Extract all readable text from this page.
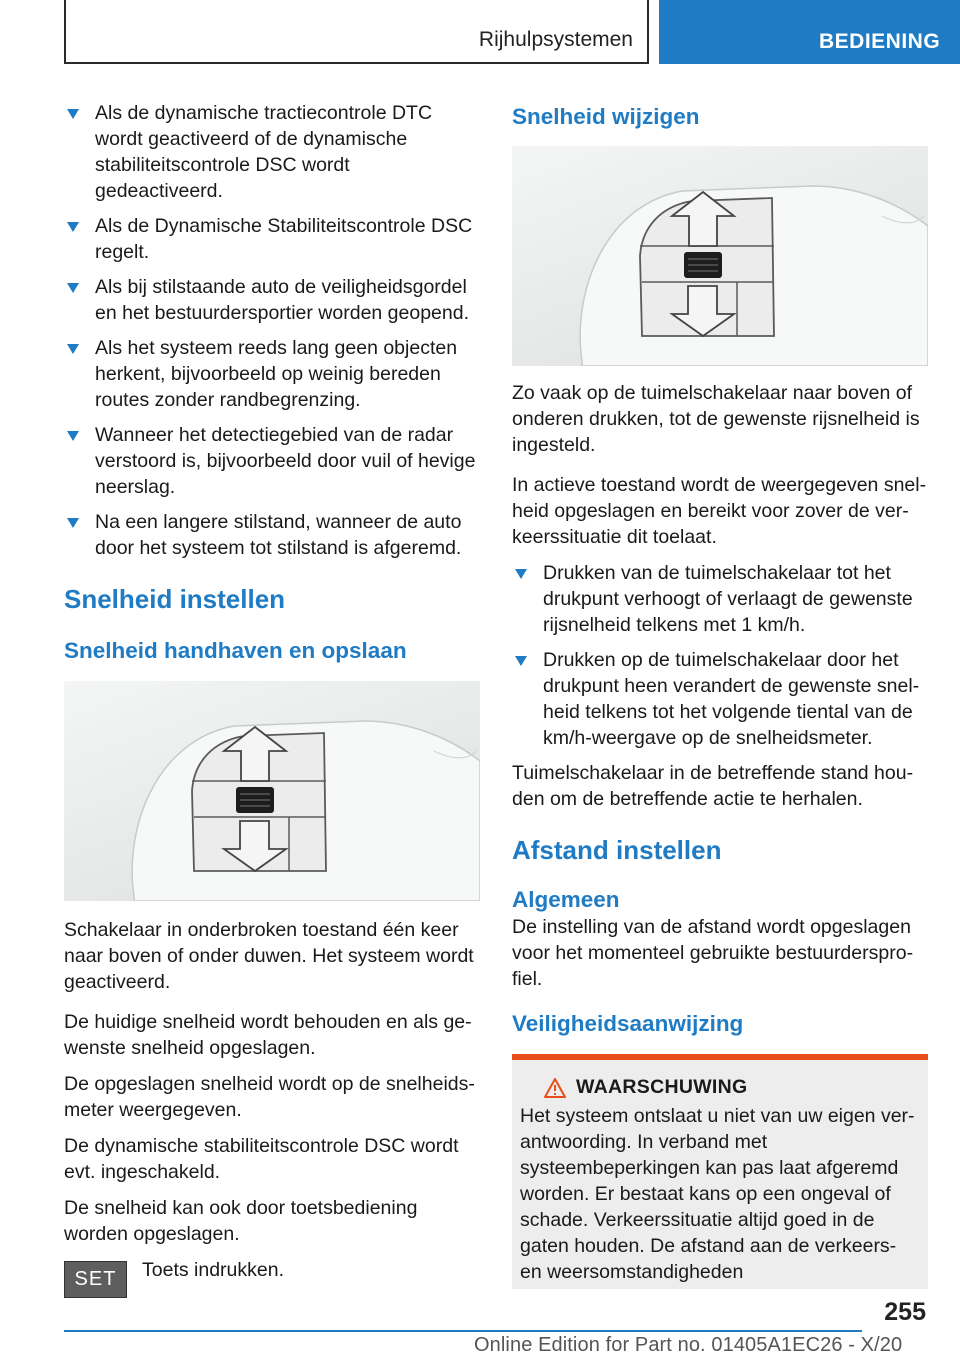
Rijhulpsystemen	BEDIENING
Als de dynamische tractiecontrole DTC wordt geactiveerd of de dynamische stabiliteitscontrole DSC wordt gedeactiveerd.
Als de Dynamische Stabiliteitscontrole DSC regelt.
Als bij stilstaande auto de veiligheidsgordel en het bestuurdersportier worden geopend.
Als het systeem reeds lang geen objecten herkent, bijvoorbeeld op weinig bereden routes zonder randbegrenzing.
Wanneer het detectiegebied van de radar verstoord is, bijvoorbeeld door vuil of hevige neerslag.
Na een langere stilstand, wanneer de auto door het systeem tot stilstand is afgeremd.
Snelheid instellen
Snelheid handhaven en opslaan
Schakelaar in onderbroken toestand één keer naar boven of onder duwen. Het systeem wordt geactiveerd.
De huidige snelheid wordt behouden en als gewenste snelheid opgeslagen.
De opgeslagen snelheid wordt op de snelheidsmeter weergegeven.
De dynamische stabiliteitscontrole DSC wordt evt. ingeschakeld.
De snelheid kan ook door toetsbediening worden opgeslagen.
SET	Toets indrukken.
Snelheid wijzigen
Zo vaak op de tuimelschakelaar naar boven of onderen drukken, tot de gewenste rijsnelheid is ingesteld.
In actieve toestand wordt de weergegeven snelheid opgeslagen en bereikt voor zover de verkeerssituatie dit toelaat.
Drukken van de tuimelschakelaar tot het drukpunt verhoogt of verlaagt de gewenste rijsnelheid telkens met 1 km/h.
Drukken op de tuimelschakelaar door het drukpunt heen verandert de gewenste snelheid telkens tot het volgende tiental van de km/h-weergave op de snelheidsmeter.
Tuimelschakelaar in de betreffende stand houden om de betreffende actie te herhalen.
Afstand instellen
Algemeen
De instelling van de afstand wordt opgeslagen voor het momenteel gebruikte bestuurdersprofiel.
Veiligheidsaanwijzing
WAARSCHUWING
Het systeem ontslaat u niet van uw eigen verantwoording. In verband met systeembeperkingen kan pas laat afgeremd worden. Er bestaat kans op een ongeval of schade. Verkeerssituatie altijd goed in de gaten houden. De afstand aan de verkeers- en weersomstandigheden
255
Online Edition for Part no. 01405A1EC26 - X/20
